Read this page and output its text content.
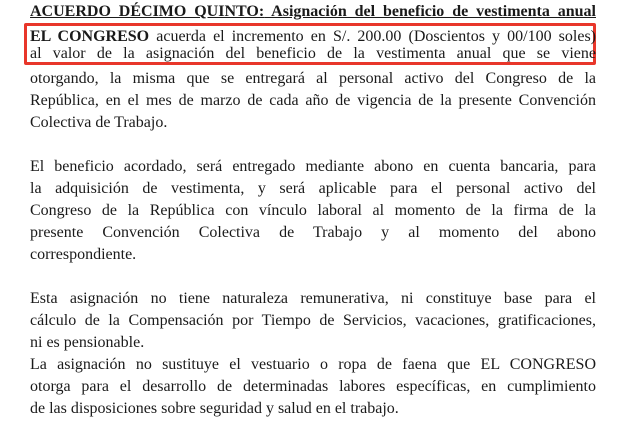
ACUERDO DÉCIMO QUINTO: Asignación del beneficio de vestimenta anual
EL CONGRESO acuerda el incremento en S/. 200.00 (Doscientos y 00/100 soles)
al valor de la asignación del beneficio de la vestimenta anual que se viene
otorgando, la misma que se entregará al personal activo del Congreso de la
República, en el mes de marzo de cada año de vigencia de la presente Convención
Colectiva de Trabajo.
El beneficio acordado, será entregado mediante abono en cuenta bancaria, para
la adquisición de vestimenta, y será aplicable para el personal activo del
Congreso de la República con vínculo laboral al momento de la firma de la
presente Convención Colectiva de Trabajo y al momento del abono
correspondiente.
Esta asignación no tiene naturaleza remunerativa, ni constituye base para el
cálculo de la Compensación por Tiempo de Servicios, vacaciones, gratificaciones,
ni es pensionable.
La asignación no sustituye el vestuario o ropa de faena que EL CONGRESO
otorga para el desarrollo de determinadas labores específicas, en cumplimiento
de las disposiciones sobre seguridad y salud en el trabajo.
